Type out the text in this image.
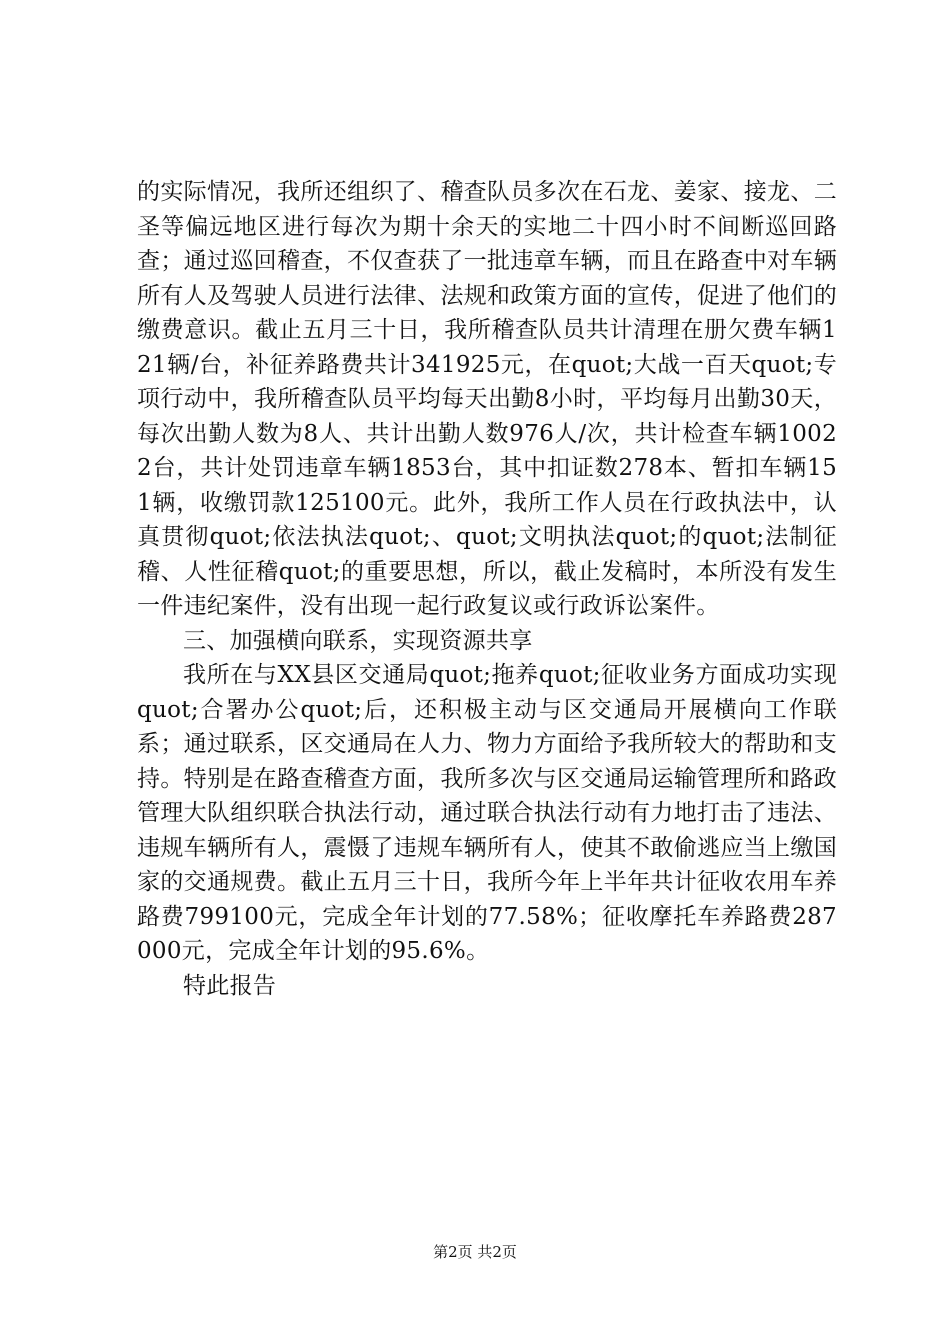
的实际情况，我所还组织了、稽查队员多次在石龙、姜家、接龙、二圣等偏远地区进行每次为期十余天的实地二十四小时不间断巡回路查；通过巡回稽查，不仅查获了一批违章车辆，而且在路查中对车辆所有人及驾驶人员进行法律、法规和政策方面的宣传，促进了他们的缴费意识。截止五月三十日，我所稽查队员共计清理在册欠费车辆121辆/台，补征养路费共计341925元，在quot;大战一百天quot;专项行动中，我所稽查队员平均每天出勤8小时，平均每月出勤30天，每次出勤人数为8人、共计出勤人数976人/次，共计检查车辆10022台，共计处罚违章车辆1853台，其中扣证数278本、暂扣车辆151辆，收缴罚款125100元。此外，我所工作人员在行政执法中，认真贯彻quot;依法执法quot;、quot;文明执法quot;的quot;法制征稽、人性征稽quot;的重要思想，所以，截止发稿时，本所没有发生一件违纪案件，没有出现一起行政复议或行政诉讼案件。

三、加强横向联系，实现资源共享

我所在与XX县区交通局quot;拖养quot;征收业务方面成功实现quot;合署办公quot;后，还积极主动与区交通局开展横向工作联系；通过联系，区交通局在人力、物力方面给予我所较大的帮助和支持。特别是在路查稽查方面，我所多次与区交通局运输管理所和路政管理大队组织联合执法行动，通过联合执法行动有力地打击了违法、违规车辆所有人，震慑了违规车辆所有人，使其不敢偷逃应当上缴国家的交通规费。截止五月三十日，我所今年上半年共计征收农用车养路费799100元，完成全年计划的77.58%；征收摩托车养路费287000元，完成全年计划的95.6%。

特此报告

第2页 共2页
